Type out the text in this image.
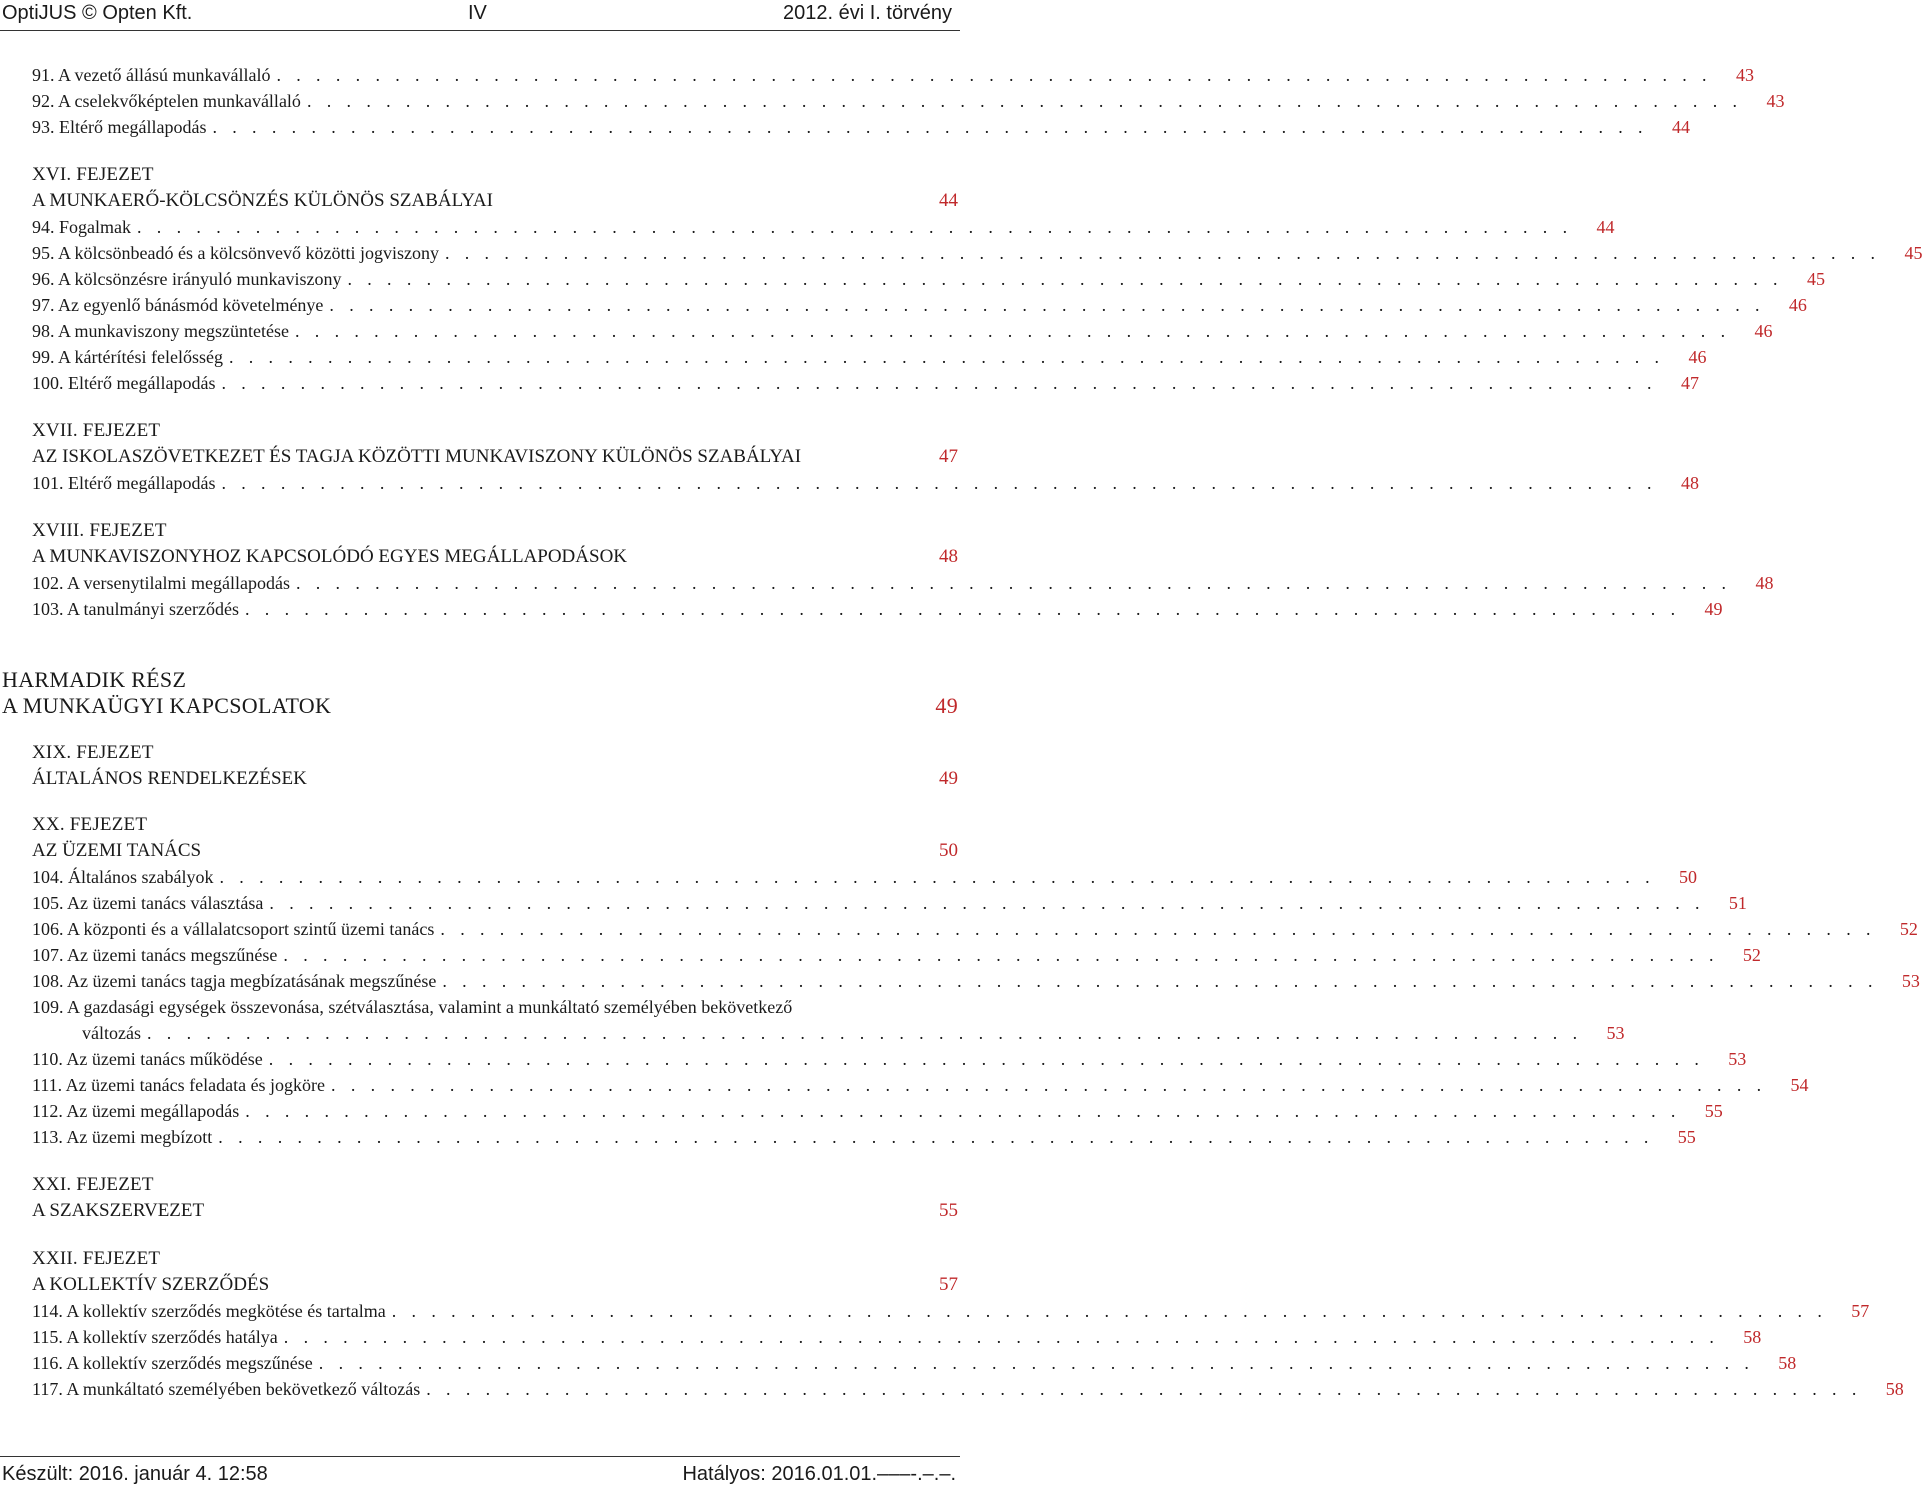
OptiJUS © Opten Kft.	IV	2012. évi I. törvény
91. A vezető állású munkavállaló . . . . . . . . . . . . . . . . . . . . . . . . . . . . . . . . . . . . . . . . . . . . . . . . . . . . . . . . . . . . . . . . . . . . . . . . .	43
92. A cselekvőképtelen munkavállaló . . . . . . . . . . . . . . . . . . . . . . . . . . . . . . . . . . . . . . . . . . . . . . . . . . . . . . . . . . . . . . . . . . . . . . . . .	43
93. Eltérő megállapodás . . . . . . . . . . . . . . . . . . . . . . . . . . . . . . . . . . . . . . . . . . . . . . . . . . . . . . . . . . . . . . . . . . . . . . . . .	44
XVI. FEJEZET
A MUNKAERŐ-KÖLCSÖNZÉS KÜLÖNÖS SZABÁLYAI	44
94. Fogalmak . . . . . . . . . . . . . . . . . . . . . . . . . . . . . . . . . . . . . . . . . . . . . . . . . . . . . . . . . . . . . . . . . . . . . . . . .	44
95. A kölcsönbeadó és a kölcsönvevő közötti jogviszony . . . . . . . . . . . . . . . . . . . . . . . . . . . . . . . . . . . . . . . . . . . . . . . . . . . . . . . . . . . . . . . . . . . . . . . . .	45
96. A kölcsönzésre irányuló munkaviszony . . . . . . . . . . . . . . . . . . . . . . . . . . . . . . . . . . . . . . . . . . . . . . . . . . . . . . . . . . . . . . . . . . . . . . . . .	45
97. Az egyenlő bánásmód követelménye . . . . . . . . . . . . . . . . . . . . . . . . . . . . . . . . . . . . . . . . . . . . . . . . . . . . . . . . . . . . . . . . . . . . . . . . .	46
98. A munkaviszony megszüntetése . . . . . . . . . . . . . . . . . . . . . . . . . . . . . . . . . . . . . . . . . . . . . . . . . . . . . . . . . . . . . . . . . . . . . . . . .	46
99. A kártérítési felelősség . . . . . . . . . . . . . . . . . . . . . . . . . . . . . . . . . . . . . . . . . . . . . . . . . . . . . . . . . . . . . . . . . . . . . . . . .	46
100. Eltérő megállapodás . . . . . . . . . . . . . . . . . . . . . . . . . . . . . . . . . . . . . . . . . . . . . . . . . . . . . . . . . . . . . . . . . . . . . . . . .	47
XVII. FEJEZET
AZ ISKOLASZÖVETKEZET ÉS TAGJA KÖZÖTTI MUNKAVISZONY KÜLÖNÖS SZABÁLYAI	47
101. Eltérő megállapodás . . . . . . . . . . . . . . . . . . . . . . . . . . . . . . . . . . . . . . . . . . . . . . . . . . . . . . . . . . . . . . . . . . . . . . . . .	48
XVIII. FEJEZET
A MUNKAVISZONYHOZ KAPCSOLÓDÓ EGYES MEGÁLLAPODÁSOK	48
102. A versenytilalmi megállapodás . . . . . . . . . . . . . . . . . . . . . . . . . . . . . . . . . . . . . . . . . . . . . . . . . . . . . . . . . . . . . . . . . . . . . . . . .	48
103. A tanulmányi szerződés . . . . . . . . . . . . . . . . . . . . . . . . . . . . . . . . . . . . . . . . . . . . . . . . . . . . . . . . . . . . . . . . . . . . . . . . .	49
HARMADIK RÉSZ
A MUNKAÜGYI KAPCSOLATOK	49
XIX. FEJEZET
ÁLTALÁNOS RENDELKEZÉSEK	49
XX. FEJEZET
AZ ÜZEMI TANÁCS	50
104. Általános szabályok . . . . . . . . . . . . . . . . . . . . . . . . . . . . . . . . . . . . . . . . . . . . . . . . . . . . . . . . . . . . . . . . . . . . . . . . .	50
105. Az üzemi tanács választása . . . . . . . . . . . . . . . . . . . . . . . . . . . . . . . . . . . . . . . . . . . . . . . . . . . . . . . . . . . . . . . . . . . . . . . . .	51
106. A központi és a vállalatcsoport szintű üzemi tanács . . . . . . . . . . . . . . . . . . . . . . . . . . . . . . . . . . . . . . . . . . . . . . . . . . . . . . . . . . . . . . . . . . . . . . . . .	52
107. Az üzemi tanács megszűnése . . . . . . . . . . . . . . . . . . . . . . . . . . . . . . . . . . . . . . . . . . . . . . . . . . . . . . . . . . . . . . . . . . . . . . . . .	52
108. Az üzemi tanács tagja megbízatásának megszűnése . . . . . . . . . . . . . . . . . . . . . . . . . . . . . . . . . . . . . . . . . . . . . . . . . . . . . . . . . . . . . . . . . . . . . . . . .	53
109. A gazdasági egységek összevonása, szétválasztása, valamint a munkáltató személyében bekövetkező
változás . . . . . . . . . . . . . . . . . . . . . . . . . . . . . . . . . . . . . . . . . . . . . . . . . . . . . . . . . . . . . . . . . . . . . . . . .	53
110. Az üzemi tanács működése . . . . . . . . . . . . . . . . . . . . . . . . . . . . . . . . . . . . . . . . . . . . . . . . . . . . . . . . . . . . . . . . . . . . . . . . .	53
111. Az üzemi tanács feladata és jogköre . . . . . . . . . . . . . . . . . . . . . . . . . . . . . . . . . . . . . . . . . . . . . . . . . . . . . . . . . . . . . . . . . . . . . . . . .	54
112. Az üzemi megállapodás . . . . . . . . . . . . . . . . . . . . . . . . . . . . . . . . . . . . . . . . . . . . . . . . . . . . . . . . . . . . . . . . . . . . . . . . .	55
113. Az üzemi megbízott . . . . . . . . . . . . . . . . . . . . . . . . . . . . . . . . . . . . . . . . . . . . . . . . . . . . . . . . . . . . . . . . . . . . . . . . .	55
XXI. FEJEZET
A SZAKSZERVEZET	55
XXII. FEJEZET
A KOLLEKTÍV SZERZŐDÉS	57
114. A kollektív szerződés megkötése és tartalma . . . . . . . . . . . . . . . . . . . . . . . . . . . . . . . . . . . . . . . . . . . . . . . . . . . . . . . . . . . . . . . . . . . . . . . . .	57
115. A kollektív szerződés hatálya . . . . . . . . . . . . . . . . . . . . . . . . . . . . . . . . . . . . . . . . . . . . . . . . . . . . . . . . . . . . . . . . . . . . . . . . .	58
116. A kollektív szerződés megszűnése . . . . . . . . . . . . . . . . . . . . . . . . . . . . . . . . . . . . . . . . . . . . . . . . . . . . . . . . . . . . . . . . . . . . . . . . .	58
117. A munkáltató személyében bekövetkező változás . . . . . . . . . . . . . . . . . . . . . . . . . . . . . . . . . . . . . . . . . . . . . . . . . . . . . . . . . . . . . . . . . . . . . . . . .	58
Készült: 2016. január 4. 12:58	Hatályos: 2016.01.01.–––-.–.–.
